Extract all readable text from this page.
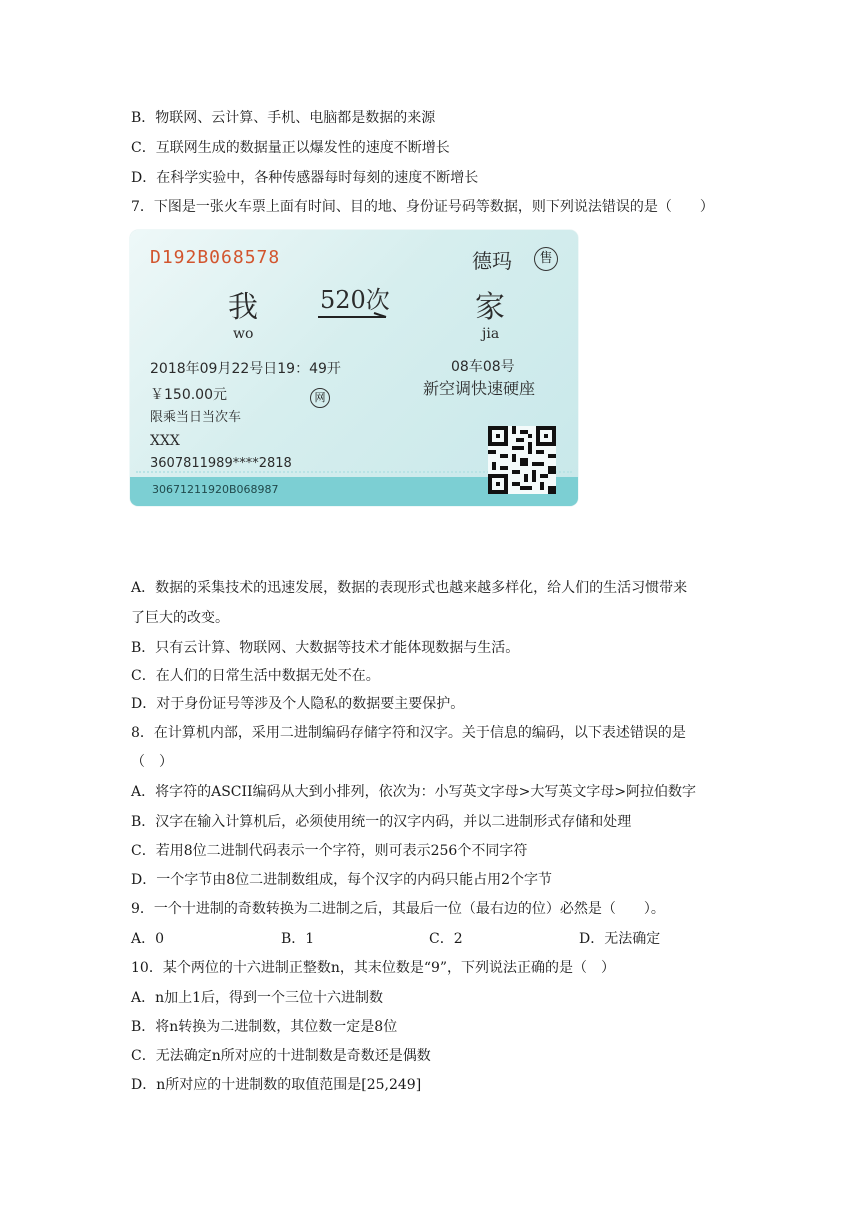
B．物联网、云计算、手机、电脑都是数据的来源
C．互联网生成的数据量正以爆发性的速度不断增长
D．在科学实验中，各种传感器每时每刻的速度不断增长
7．下图是一张火车票上面有时间、目的地、身份证号码等数据，则下列说法错误的是（　　）
D192B068578	德玛	售
我	520次	家
wo	jia
2018年09月22号日19：49开	08车08号
新空调快速硬座
￥150.00元	网
限乘当日当次车
XXX
3607811989****2818
30671211920B068987
A．数据的采集技术的迅速发展，数据的表现形式也越来越多样化，给人们的生活习惯带来
了巨大的改变。
B．只有云计算、物联网、大数据等技术才能体现数据与生活。
C．在人们的日常生活中数据无处不在。
D．对于身份证号等涉及个人隐私的数据要主要保护。
8．在计算机内部，采用二进制编码存储字符和汉字。关于信息的编码，以下表述错误的是
（　）
A．将字符的ASCII编码从大到小排列，依次为：小写英文字母>大写英文字母>阿拉伯数字
B．汉字在输入计算机后，必须使用统一的汉字内码，并以二进制形式存储和处理
C．若用8位二进制代码表示一个字符，则可表示256个不同字符
D．一个字节由8位二进制数组成，每个汉字的内码只能占用2个字节
9．一个十进制的奇数转换为二进制之后，其最后一位（最右边的位）必然是（　　）。
A．0	B．1	C．2	D．无法确定
10．某个两位的十六进制正整数n，其末位数是“9”，下列说法正确的是（　）
A．n加上1后，得到一个三位十六进制数
B．将n转换为二进制数，其位数一定是8位
C．无法确定n所对应的十进制数是奇数还是偶数
D．n所对应的十进制数的取值范围是[25,249]
